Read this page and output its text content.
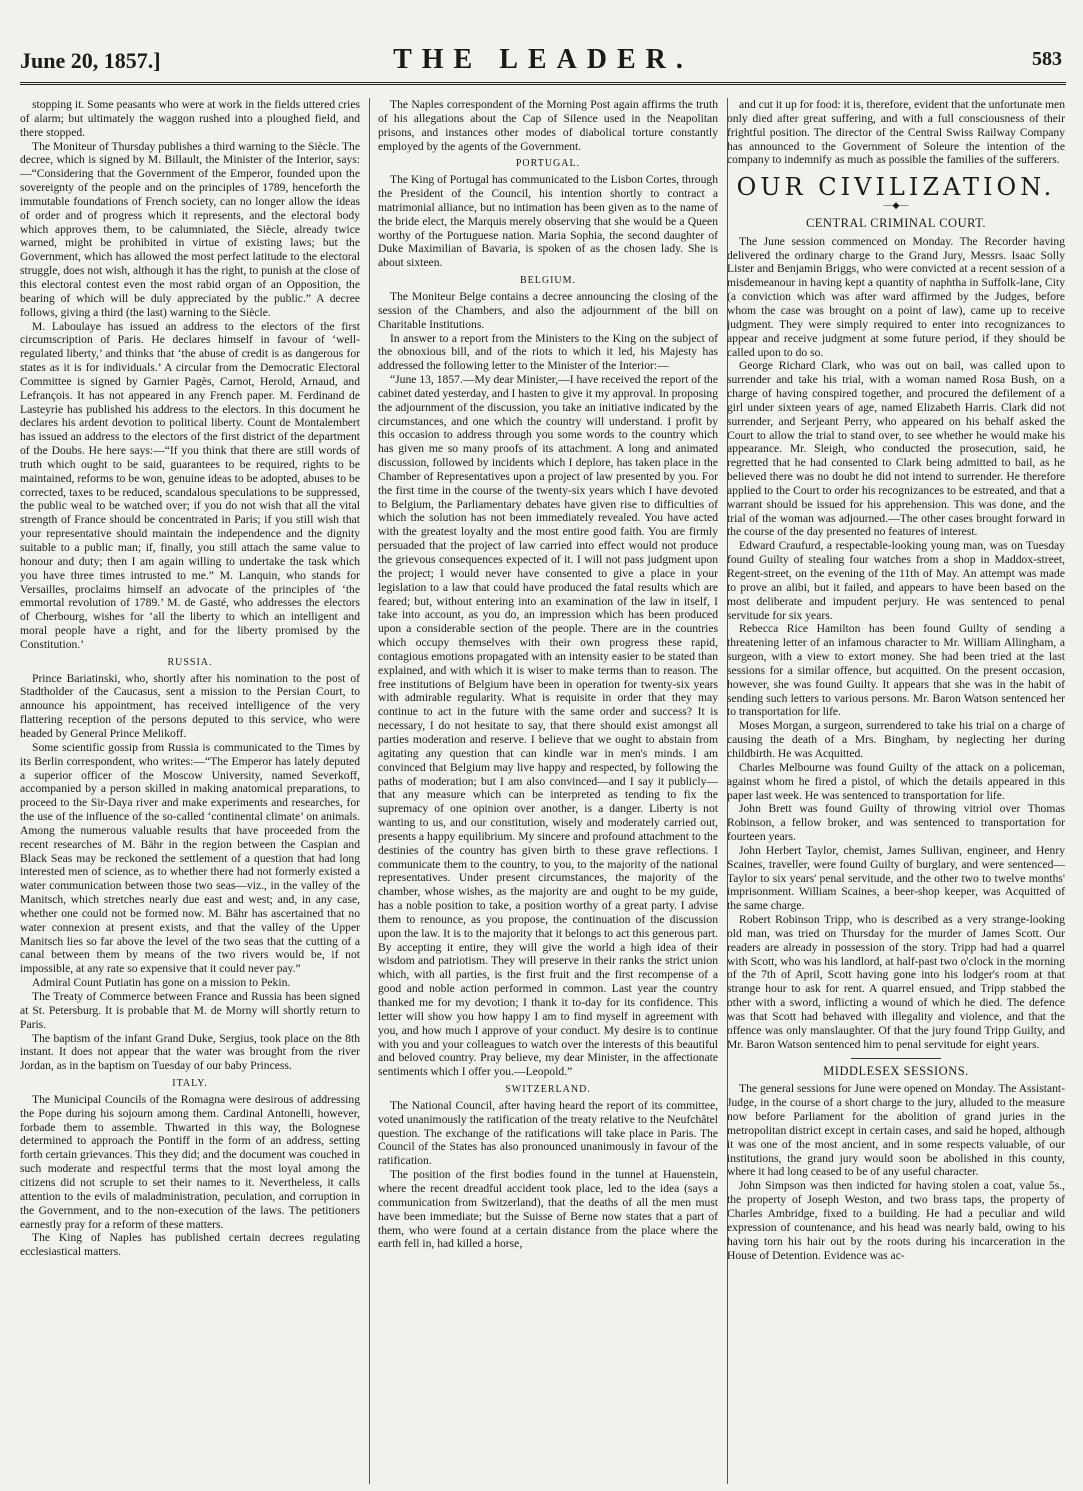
June 20, 1857.]	THE LEADER.	583

stopping it. Some peasants who were at work in the fields uttered cries of alarm; but ultimately the waggon rushed into a ploughed field, and there stopped.

The Moniteur of Thursday publishes a third warning to the Siècle. The decree, which is signed by M. Billault, the Minister of the Interior, says:—“Considering that the Government of the Emperor, founded upon the sovereignty of the people and on the principles of 1789, henceforth the immutable foundations of French society, can no longer allow the ideas of order and of progress which it represents, and the electoral body which approves them, to be calumniated, the Siècle, already twice warned, might be prohibited in virtue of existing laws; but the Government, which has allowed the most perfect latitude to the electoral struggle, does not wish, although it has the right, to punish at the close of this electoral contest even the most rabid organ of an Opposition, the bearing of which will be duly appreciated by the public.” A decree follows, giving a third (the last) warning to the Siècle.

M. Laboulaye has issued an address to the electors of the first circumscription of Paris. He declares himself in favour of ‘well-regulated liberty,’ and thinks that ‘the abuse of credit is as dangerous for states as it is for individuals.’ A circular from the Democratic Electoral Committee is signed by Garnier Pagès, Carnot, Herold, Arnaud, and Lefrançois. It has not appeared in any French paper. M. Ferdinand de Lasteyrie has published his address to the electors. In this document he declares his ardent devotion to political liberty. Count de Montalembert has issued an address to the electors of the first district of the department of the Doubs. He here says:—“If you think that there are still words of truth which ought to be said, guarantees to be required, rights to be maintained, reforms to be won, genuine ideas to be adopted, abuses to be corrected, taxes to be reduced, scandalous speculations to be suppressed, the public weal to be watched over; if you do not wish that all the vital strength of France should be concentrated in Paris; if you still wish that your representative should maintain the independence and the dignity suitable to a public man; if, finally, you still attach the same value to honour and duty; then I am again willing to undertake the task which you have three times intrusted to me.” M. Lanquin, who stands for Versailles, proclaims himself an advocate of the principles of ‘the emmortal revolution of 1789.’ M. de Gasté, who addresses the electors of Cherbourg, wishes for ‘all the liberty to which an intelligent and moral people have a right, and for the liberty promised by the Constitution.’

RUSSIA.

Prince Bariatinski, who, shortly after his nomination to the post of Stadtholder of the Caucasus, sent a mission to the Persian Court, to announce his appointment, has received intelligence of the very flattering reception of the persons deputed to this service, who were headed by General Prince Melikoff.

Some scientific gossip from Russia is communicated to the Times by its Berlin correspondent, who writes:—“The Emperor has lately deputed a superior officer of the Moscow University, named Severkoff, accompanied by a person skilled in making anatomical preparations, to proceed to the Sir-Daya river and make experiments and researches, for the use of the influence of the so-called ‘continental climate’ on animals. Among the numerous valuable results that have proceeded from the recent researches of M. Bähr in the region between the Caspian and Black Seas may be reckoned the settlement of a question that had long interested men of science, as to whether there had not formerly existed a water communication between those two seas—viz., in the valley of the Manitsch, which stretches nearly due east and west; and, in any case, whether one could not be formed now. M. Bähr has ascertained that no water connexion at present exists, and that the valley of the Upper Manitsch lies so far above the level of the two seas that the cutting of a canal between them by means of the two rivers would be, if not impossible, at any rate so expensive that it could never pay.”

Admiral Count Putiatin has gone on a mission to Pekin.

The Treaty of Commerce between France and Russia has been signed at St. Petersburg. It is probable that M. de Morny will shortly return to Paris.

The baptism of the infant Grand Duke, Sergius, took place on the 8th instant. It does not appear that the water was brought from the river Jordan, as in the baptism on Tuesday of our baby Princess.

ITALY.

The Municipal Councils of the Romagna were desirous of addressing the Pope during his sojourn among them. Cardinal Antonelli, however, forbade them to assemble. Thwarted in this way, the Bolognese determined to approach the Pontiff in the form of an address, setting forth certain grievances. This they did; and the document was couched in such moderate and respectful terms that the most loyal among the citizens did not scruple to set their names to it. Nevertheless, it calls attention to the evils of maladministration, peculation, and corruption in the Government, and to the non-execution of the laws. The petitioners earnestly pray for a reform of these matters.

The King of Naples has published certain decrees regulating ecclesiastical matters.

The Naples correspondent of the Morning Post again affirms the truth of his allegations about the Cap of Silence used in the Neapolitan prisons, and instances other modes of diabolical torture constantly employed by the agents of the Government.

PORTUGAL.

The King of Portugal has communicated to the Lisbon Cortes, through the President of the Council, his intention shortly to contract a matrimonial alliance, but no intimation has been given as to the name of the bride elect, the Marquis merely observing that she would be a Queen worthy of the Portuguese nation. Maria Sophia, the second daughter of Duke Maximilian of Bavaria, is spoken of as the chosen lady. She is about sixteen.

BELGIUM.

The Moniteur Belge contains a decree announcing the closing of the session of the Chambers, and also the adjournment of the bill on Charitable Institutions.

In answer to a report from the Ministers to the King on the subject of the obnoxious bill, and of the riots to which it led, his Majesty has addressed the following letter to the Minister of the Interior:—

“June 13, 1857.—My dear Minister,—I have received the report of the cabinet dated yesterday, and I hasten to give it my approval. In proposing the adjournment of the discussion, you take an initiative indicated by the circumstances, and one which the country will understand. I profit by this occasion to address through you some words to the country which has given me so many proofs of its attachment. A long and animated discussion, followed by incidents which I deplore, has taken place in the Chamber of Representatives upon a project of law presented by you. For the first time in the course of the twenty-six years which I have devoted to Belgium, the Parliamentary debates have given rise to difficulties of which the solution has not been immediately revealed. You have acted with the greatest loyalty and the most entire good faith. You are firmly persuaded that the project of law carried into effect would not produce the grievous consequences expected of it. I will not pass judgment upon the project; I would never have consented to give a place in your legislation to a law that could have produced the fatal results which are feared; but, without entering into an examination of the law in itself, I take into account, as you do, an impression which has been produced upon a considerable section of the people. There are in the countries which occupy themselves with their own progress these rapid, contagious emotions propagated with an intensity easier to be stated than explained, and with which it is wiser to make terms than to reason. The free institutions of Belgium have been in operation for twenty-six years with admirable regularity. What is requisite in order that they may continue to act in the future with the same order and success? It is necessary, I do not hesitate to say, that there should exist amongst all parties moderation and reserve. I believe that we ought to abstain from agitating any question that can kindle war in men's minds. I am convinced that Belgium may live happy and respected, by following the paths of moderation; but I am also convinced—and I say it publicly—that any measure which can be interpreted as tending to fix the supremacy of one opinion over another, is a danger. Liberty is not wanting to us, and our constitution, wisely and moderately carried out, presents a happy equilibrium. My sincere and profound attachment to the destinies of the country has given birth to these grave reflections. I communicate them to the country, to you, to the majority of the national representatives. Under present circumstances, the majority of the chamber, whose wishes, as the majority are and ought to be my guide, has a noble position to take, a position worthy of a great party. I advise them to renounce, as you propose, the continuation of the discussion upon the law. It is to the majority that it belongs to act this generous part. By accepting it entire, they will give the world a high idea of their wisdom and patriotism. They will preserve in their ranks the strict union which, with all parties, is the first fruit and the first recompense of a good and noble action performed in common. Last year the country thanked me for my devotion; I thank it to-day for its confidence. This letter will show you how happy I am to find myself in agreement with you, and how much I approve of your conduct. My desire is to continue with you and your colleagues to watch over the interests of this beautiful and beloved country. Pray believe, my dear Minister, in the affectionate sentiments which I offer you.—Leopold.”

SWITZERLAND.

The National Council, after having heard the report of its committee, voted unanimously the ratification of the treaty relative to the Neufchâtel question. The exchange of the ratifications will take place in Paris. The Council of the States has also pronounced unanimously in favour of the ratification.

The position of the first bodies found in the tunnel at Hauenstein, where the recent dreadful accident took place, led to the idea (says a communication from Switzerland), that the deaths of all the men must have been immediate; but the Suisse of Berne now states that a part of them, who were found at a certain distance from the place where the earth fell in, had killed a horse,

and cut it up for food: it is, therefore, evident that the unfortunate men only died after great suffering, and with a full consciousness of their frightful position. The director of the Central Swiss Railway Company has announced to the Government of Soleure the intention of the company to indemnify as much as possible the families of the sufferers.

OUR CIVILIZATION.
—◆—
CENTRAL CRIMINAL COURT.

The June session commenced on Monday. The Recorder having delivered the ordinary charge to the Grand Jury, Messrs. Isaac Solly Lister and Benjamin Briggs, who were convicted at a recent session of a misdemeanour in having kept a quantity of naphtha in Suffolk-lane, City (a conviction which was after ward affirmed by the Judges, before whom the case was brought on a point of law), came up to receive judgment. They were simply required to enter into recognizances to appear and receive judgment at some future period, if they should be called upon to do so.

George Richard Clark, who was out on bail, was called upon to surrender and take his trial, with a woman named Rosa Bush, on a charge of having conspired together, and procured the defilement of a girl under sixteen years of age, named Elizabeth Harris. Clark did not surrender, and Serjeant Perry, who appeared on his behalf asked the Court to allow the trial to stand over, to see whether he would make his appearance. Mr. Sleigh, who conducted the prosecution, said, he regretted that he had consented to Clark being admitted to bail, as he believed there was no doubt he did not intend to surrender. He therefore applied to the Court to order his recognizances to be estreated, and that a warrant should be issued for his apprehension. This was done, and the trial of the woman was adjourned.—The other cases brought forward in the course of the day presented no features of interest.

Edward Craufurd, a respectable-looking young man, was on Tuesday found Guilty of stealing four watches from a shop in Maddox-street, Regent-street, on the evening of the 11th of May. An attempt was made to prove an alibi, but it failed, and appears to have been based on the most deliberate and impudent perjury. He was sentenced to penal servitude for six years.

Rebecca Rice Hamilton has been found Guilty of sending a threatening letter of an infamous character to Mr. William Allingham, a surgeon, with a view to extort money. She had been tried at the last sessions for a similar offence, but acquitted. On the present occasion, however, she was found Guilty. It appears that she was in the habit of sending such letters to various persons. Mr. Baron Watson sentenced her to transportation for life.

Moses Morgan, a surgeon, surrendered to take his trial on a charge of causing the death of a Mrs. Bingham, by neglecting her during childbirth. He was Acquitted.

Charles Melbourne was found Guilty of the attack on a policeman, against whom he fired a pistol, of which the details appeared in this paper last week. He was sentenced to transportation for life.

John Brett was found Guilty of throwing vitriol over Thomas Robinson, a fellow broker, and was sentenced to transportation for fourteen years.

John Herbert Taylor, chemist, James Sullivan, engineer, and Henry Scaines, traveller, were found Guilty of burglary, and were sentenced—Taylor to six years' penal servitude, and the other two to twelve months' imprisonment. William Scaines, a beer-shop keeper, was Acquitted of the same charge.

Robert Robinson Tripp, who is described as a very strange-looking old man, was tried on Thursday for the murder of James Scott. Our readers are already in possession of the story. Tripp had had a quarrel with Scott, who was his landlord, at half-past two o'clock in the morning of the 7th of April, Scott having gone into his lodger's room at that strange hour to ask for rent. A quarrel ensued, and Tripp stabbed the other with a sword, inflicting a wound of which he died. The defence was that Scott had behaved with illegality and violence, and that the offence was only manslaughter. Of that the jury found Tripp Guilty, and Mr. Baron Watson sentenced him to penal servitude for eight years.

MIDDLESEX SESSIONS.

The general sessions for June were opened on Monday. The Assistant-Judge, in the course of a short charge to the jury, alluded to the measure now before Parliament for the abolition of grand juries in the metropolitan district except in certain cases, and said he hoped, although it was one of the most ancient, and in some respects valuable, of our institutions, the grand jury would soon be abolished in this county, where it had long ceased to be of any useful character.

John Simpson was then indicted for having stolen a coat, value 5s., the property of Joseph Weston, and two brass taps, the property of Charles Ambridge, fixed to a building. He had a peculiar and wild expression of countenance, and his head was nearly bald, owing to his having torn his hair out by the roots during his incarceration in the House of Detention. Evidence was ac-
